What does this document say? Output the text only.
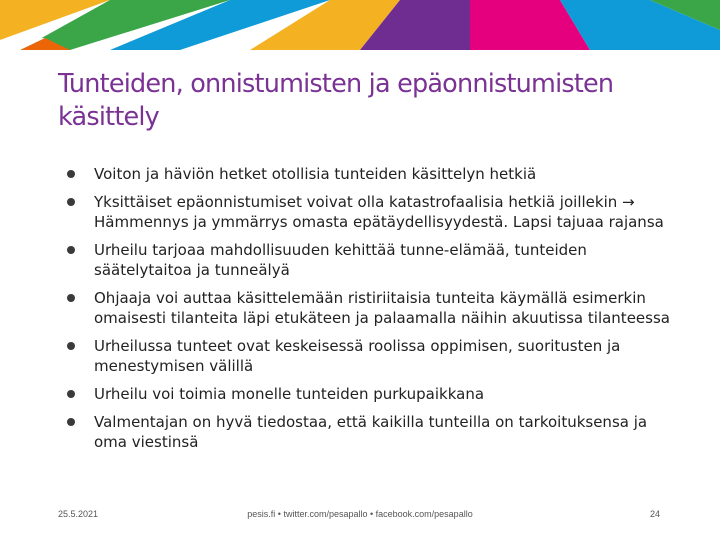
Tunteiden, onnistumisten ja epäonnistumisten käsittely
Voiton ja häviön hetket otollisia tunteiden käsittelyn hetkiä
Yksittäiset epäonnistumiset voivat olla katastrofaalisia hetkiä joillekin → Hämmennys ja ymmärrys omasta epätäydellisyydestä. Lapsi tajuaa rajansa
Urheilu tarjoaa mahdollisuuden kehittää tunne-elämää, tunteiden säätelytaitoa ja tunneälyä
Ohjaaja voi auttaa käsittelemään ristiriitaisia tunteita käymällä esimerkin omaisesti tilanteita läpi etukäteen ja palaamalla näihin akuutissa tilanteessa
Urheilussa tunteet ovat keskeisessä roolissa oppimisen, suoritusten ja menestymisen välillä
Urheilu voi toimia monelle tunteiden purkupaikkana
Valmentajan on hyvä tiedostaa, että kaikilla tunteilla on tarkoituksensa ja oma viestinsä
25.5.2021	pesis.fi • twitter.com/pesapallo • facebook.com/pesapallo	24
